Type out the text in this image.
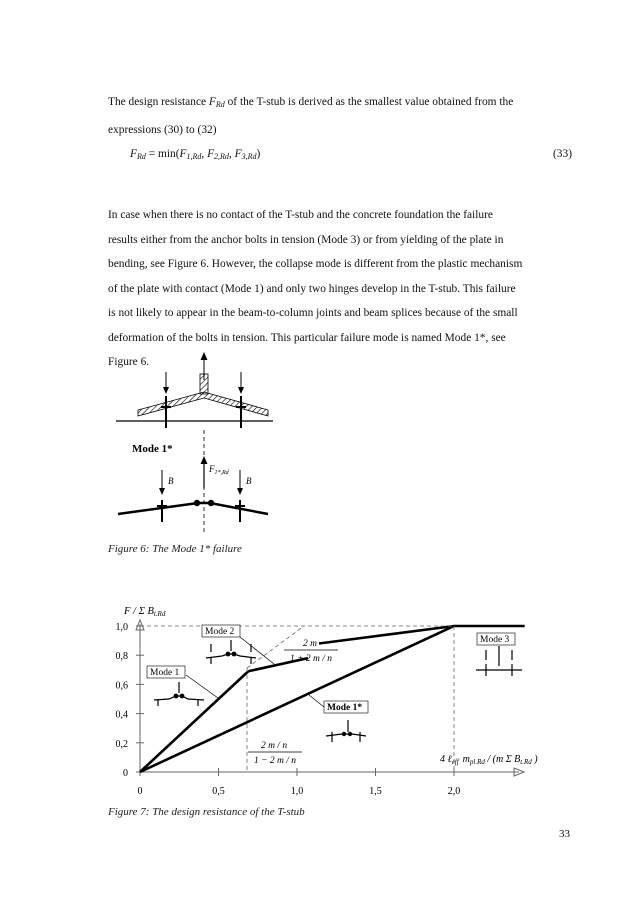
The design resistance $F_{Rd}$ of the T-stub is derived as the smallest value obtained from the
expressions (30) to (32)

$F_{Rd} = \min(F_{1,Rd}$, $F_{2,Rd}$, $F_{3,Rd}$)	(33)

In case when there is no contact of the T-stub and the concrete foundation the failure
results either from the anchor bolts in tension (Mode 3) or from yielding of the plate in
bending, see Figure 6. However, the collapse mode is different from the plastic mechanism
of the plate with contact (Mode 1) and only two hinges develop in the T-stub. This failure
is not likely to appear in the beam-to-column joints and beam splices because of the small
deformation of the bolts in tension. This particular failure mode is named Mode 1*, see
Figure 6.

Mode 1*
$F_{1*,Rd}$
B	B
Figure 6: The Mode 1* failure
F / Σ Bt.Rd
0	0,5	1,0	1,5	2,0
0
0,2
0,4
0,6
0,8
1,0	Mode 2
Mode 1
Mode 3
Mode 1*
2 m
1 + 2 m / n
2 m / n
1 − 2 m / n	4 ℓ$_{eff}$ $m_{pl.Rd} / (m$ Σ $B_{t.Rd}$ )
Figure 7: The design resistance of the T-stub
33
